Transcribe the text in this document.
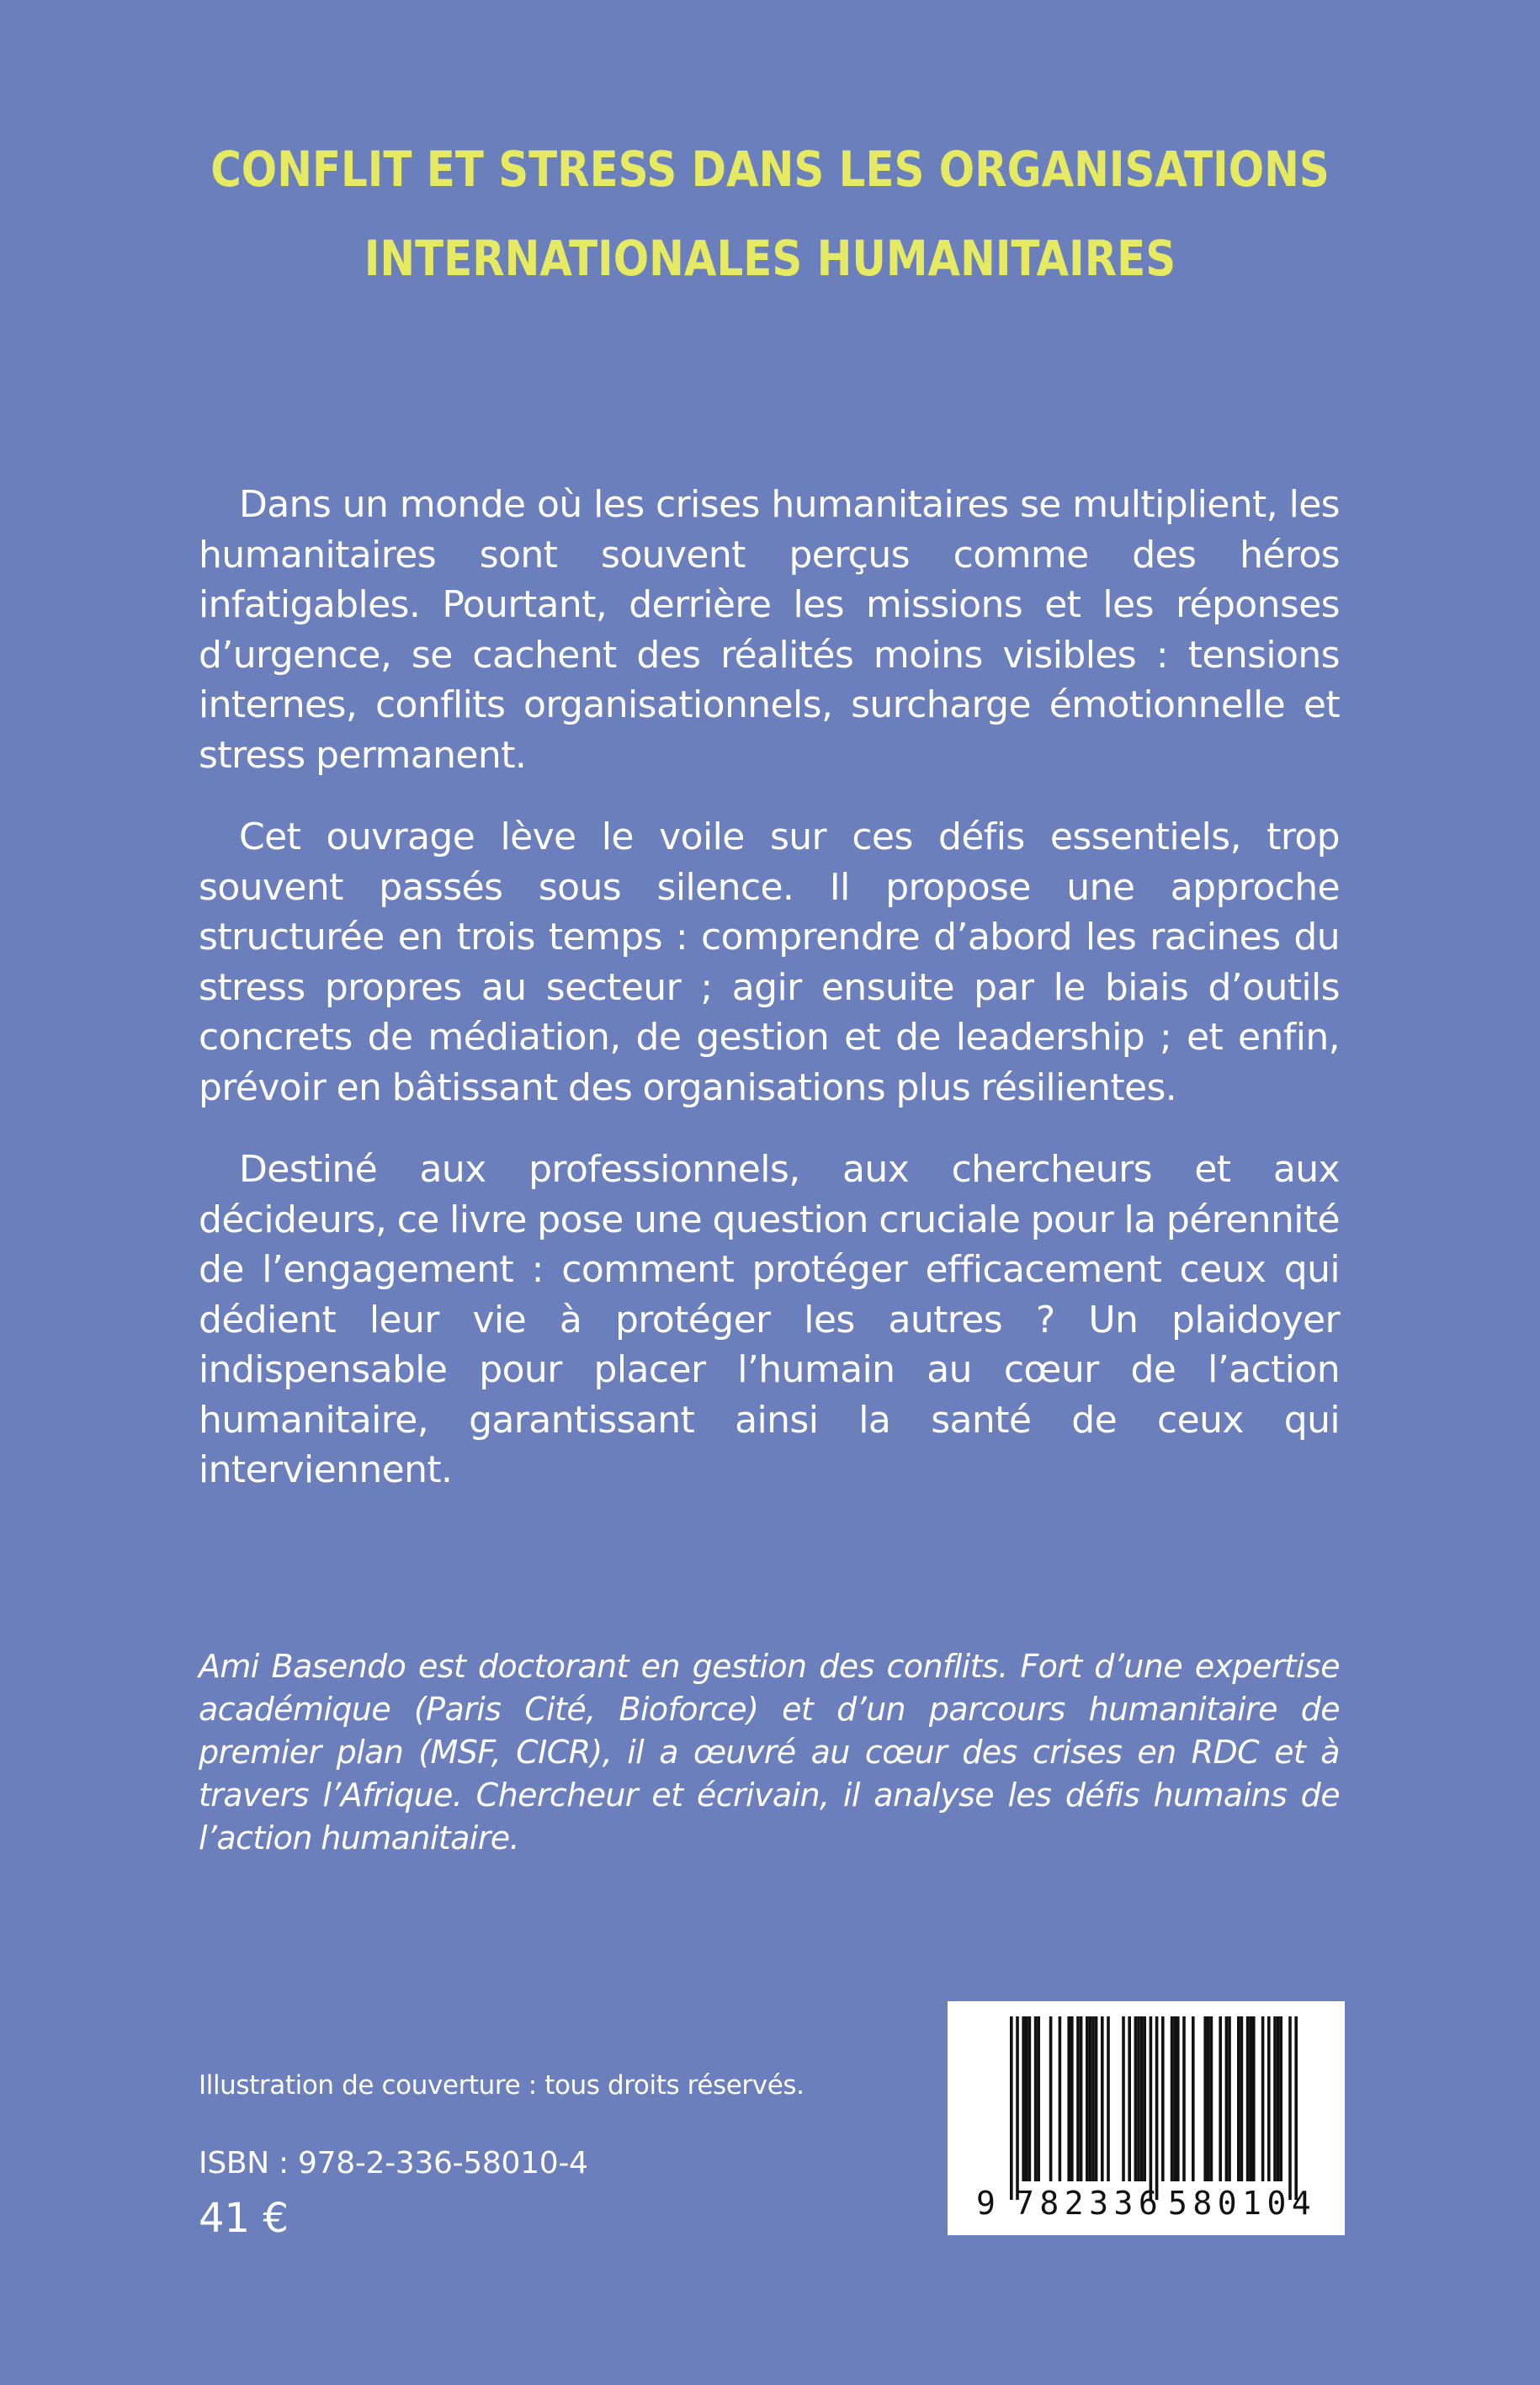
CONFLIT ET STRESS DANS LES ORGANISATIONS
INTERNATIONALES HUMANITAIRES

Dans un monde où les crises humanitaires se multiplient, les humanitaires sont souvent perçus comme des héros infatigables. Pourtant, derrière les missions et les réponses d’urgence, se cachent des réalités moins visibles : tensions internes, conflits organisationnels, surcharge émotionnelle et stress permanent.

Cet ouvrage lève le voile sur ces défis essentiels, trop souvent passés sous silence. Il propose une approche structurée en trois temps : comprendre d’abord les racines du stress propres au secteur ; agir ensuite par le biais d’outils concrets de médiation, de gestion et de leadership ; et enfin, prévoir en bâtissant des organisations plus résilientes.

Destiné aux professionnels, aux chercheurs et aux décideurs, ce livre pose une question cruciale pour la pérennité de l’engagement : comment protéger efficacement ceux qui dédient leur vie à protéger les autres ? Un plaidoyer indispensable pour placer l’humain au cœur de l’action humanitaire, garantissant ainsi la santé de ceux qui interviennent.

Ami Basendo est doctorant en gestion des conflits. Fort d’une expertise académique (Paris Cité, Bioforce) et d’un parcours humanitaire de premier plan (MSF, CICR), il a œuvré au cœur des crises en RDC et à travers l’Afrique. Chercheur et écrivain, il analyse les défis humains de l’action humanitaire.

Illustration de couverture : tous droits réservés.

ISBN : 978-2-336-58010-4

41 €	9 782336 580104
